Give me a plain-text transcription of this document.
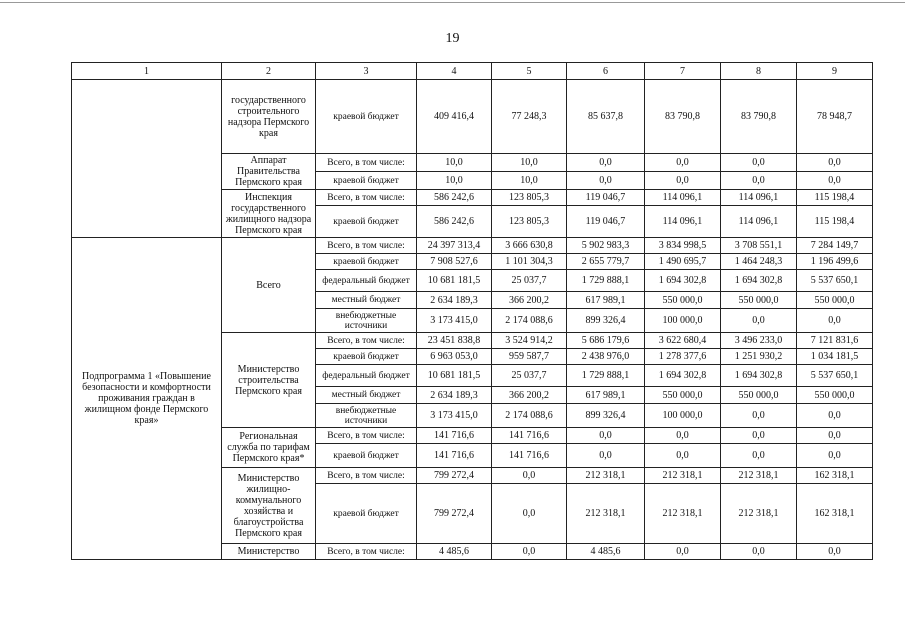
19
1	2	3	4	5	6	7	8	9
	государственного строительного надзора Пермского края	краевой бюджет	409 416,4	77 248,3	85 637,8	83 790,8	83 790,8	78 948,7
	Аппарат Правительства Пермского края	Всего, в том числе:	10,0	10,0	0,0	0,0	0,0	0,0
		краевой бюджет	10,0	10,0	0,0	0,0	0,0	0,0
	Инспекция государственного жилищного надзора Пермского края	Всего, в том числе:	586 242,6	123 805,3	119 046,7	114 096,1	114 096,1	115 198,4
		краевой бюджет	586 242,6	123 805,3	119 046,7	114 096,1	114 096,1	115 198,4
Подпрограмма 1 «Повышение безопасности и комфортности проживания граждан в жилищном фонде Пермского края»	Всего	Всего, в том числе:	24 397 313,4	3 666 630,8	5 902 983,3	3 834 998,5	3 708 551,1	7 284 149,7
		краевой бюджет	7 908 527,6	1 101 304,3	2 655 779,7	1 490 695,7	1 464 248,3	1 196 499,6
		федеральный бюджет	10 681 181,5	25 037,7	1 729 888,1	1 694 302,8	1 694 302,8	5 537 650,1
		местный бюджет	2 634 189,3	366 200,2	617 989,1	550 000,0	550 000,0	550 000,0
		внебюджетные источники	3 173 415,0	2 174 088,6	899 326,4	100 000,0	0,0	0,0
	Министерство строительства Пермского края	Всего, в том числе:	23 451 838,8	3 524 914,2	5 686 179,6	3 622 680,4	3 496 233,0	7 121 831,6
		краевой бюджет	6 963 053,0	959 587,7	2 438 976,0	1 278 377,6	1 251 930,2	1 034 181,5
		федеральный бюджет	10 681 181,5	25 037,7	1 729 888,1	1 694 302,8	1 694 302,8	5 537 650,1
		местный бюджет	2 634 189,3	366 200,2	617 989,1	550 000,0	550 000,0	550 000,0
		внебюджетные источники	3 173 415,0	2 174 088,6	899 326,4	100 000,0	0,0	0,0
	Региональная служба по тарифам Пермского края*	Всего, в том числе:	141 716,6	141 716,6	0,0	0,0	0,0	0,0
		краевой бюджет	141 716,6	141 716,6	0,0	0,0	0,0	0,0
	Министерство жилищно-коммунального хозяйства и благоустройства Пермского края	Всего, в том числе:	799 272,4	0,0	212 318,1	212 318,1	212 318,1	162 318,1
		краевой бюджет	799 272,4	0,0	212 318,1	212 318,1	212 318,1	162 318,1
	Министерство	Всего, в том числе:	4 485,6	0,0	4 485,6	0,0	0,0	0,0
